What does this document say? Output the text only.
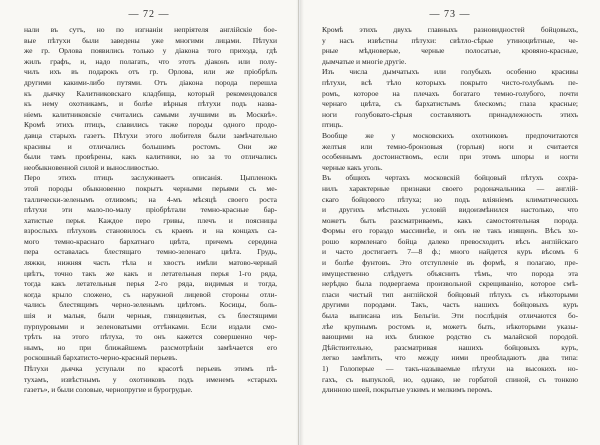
— 72 —
нали въ сутъ, но по изгнаніи непріятеля англійскіе бое-
вые пѣтухи были заведены уже многими лицами. Пѣтухи
же гр. Орлова появились только у діакона того прихода, гдѣ
жилъ графъ, и, надо полагать, что этотъ діаконъ или полу-
чилъ ихъ въ подарокъ отъ гр. Орлова, или же пріобрѣлъ
другими какими-либо путями. Отъ діакона порода перешла
къ дьячку Калитниковскаго кладбища, который рекомендовался
къ нему охотникамъ, и болѣе вѣрныя пѣтухи подъ назва-
ніемъ калитниковскіе считались самыми лучшими въ Москвѣ».
Кромѣ этихъ птицъ, славились также породы одного продо-
давца старыхъ газетъ. Пѣтухи этого любителя были замѣчательно
красивы и отличались большимъ ростомъ. Они же
были тамъ провѣрены, какъ калитники, но за то отличались
необыкновенной силой и выносливостью.
Перо этихъ птицъ заслуживаетъ описанія. Цыпленокъ
этой породы обыкновенно покрытъ черными перьями съ ме-
таллически-зеленымъ отливомъ; на 4-мъ мѣсяцѣ своего роста
пѣтухи эти мало-по-малу пріобрѣтали темно-красные бар-
хатистые перья. Каждое перо гривы, плечъ и поясницы
взрослыхъ пѣтуховъ становилось съ краевъ и на концахъ са-
мого темно-краснаго бархатнаго цвѣта, причемъ середина
пера оставалась блестящаго темно-зеленаго цвѣта. Грудь,
ляжки, нижняя часть тѣла и хвостъ имѣли матово-черный
цвѣтъ, точно такъ же какъ и летательныя перья 1-го ряда,
тогда какъ летательныя перья 2-го ряда, видимыя и тогда,
когда крыло сложено, съ наружной лицевой стороны отли-
чались блестящимъ черно-зеленымъ цвѣтомъ. Косицы, боль-
шія и малыя, были черныя, глянцевитыя, съ блестящими
пурпуровыми и зеленоватыми оттѣнками. Если издали смо-
трѣть на этого пѣтуха, то онъ кажется совершенно чер-
нымъ, но при ближайшемъ разсмотрѣніи замѣчается его
роскошный бархатисто-черно-красный перьевъ.
Пѣтухи дьячка уступали по красотѣ перьевъ этимъ пѣ-
тухамъ, извѣстнымъ у охотниковъ подъ именемъ «старыхъ
газетъ», и были соловые, чернопругие и бурогрудые.
— 73 —
Кромѣ этихъ двухъ главныхъ разновидностей бойцовыхъ,
у насъ извѣстны пѣтухи: свѣтло-сѣрые утиноцвѣтные, че-
рные мѣдноверые, черные полосатые, кровяно-красные,
дымчатые и многіе другіе.
Изъ числа дымчатыхъ или голубыхъ особенно красивы
пѣтухи, всѣ тѣло которыхъ покрыто чисто-голубымъ пе-
ромъ, которое на плечахъ богатаго темно-голубого, почти
чернаго цвѣта, съ бархатистымъ блескомъ; глаза красные;
ноги голубовато-сѣрыя составляютъ принадлежность этихъ
птицъ.
Вообще же у московскихъ охотниковъ предпочитаются
желтыя или темно-бронзовыя (горлыя) ноги и считается
особеннымъ достоинствомъ, если при этомъ шпоры и ногти
черные какъ уголь.
Въ общихъ чертахъ московскій бойцовый пѣтухъ сохра-
нилъ характерные признаки своего родоначальника — англій-
скаго бойцового пѣтуха; но подъ вліяніемъ климатическихъ
и другихъ мѣстныхъ условій видоизмѣнился настолько, что
можетъ быть разсматриваемъ, какъ самостоятельная порода.
Формы его гораздо массивнѣе, и онъ не такъ изященъ. Вѣсъ хо-
рошо кормленаго бойца далеко превосходитъ вѣсъ англійскаго
и часто достигаетъ 7—8 ф.; много найдется куръ вѣсомъ 6
и болѣе фунтовъ. Это отступленіе въ формѣ, я полагаю, пре-
имущественно слѣдуетъ объяснить тѣмъ, что порода эта
нерѣдко была подвергаема произвольной скрещиванію, которое смѣ-
гласи чистый тип англійской бойцовый пѣтухъ съ нѣкоторыми
другими породами. Такъ, часть нашихъ бойцовыхъ куръ
была выписана изъ Бельгіи. Эти послѣднія отличаются бо-
лѣе крупнымъ ростомъ и, можетъ быть, нѣкоторыми указы-
вающими на ихъ близкое родство съ малайской породой.
Дѣйствительно, разсматривая нашихъ бойцовыхъ куръ,
легко замѣтить, что между ними преобладаютъ два типа:
1) Голоперые — такъ-называемые пѣтухи на высокихъ но-
гахъ, съ выпуклой, но, однако, не горбатой спиной, съ тонкою
длинною шеей, покрытые узкимъ и мелкимъ перомъ.
